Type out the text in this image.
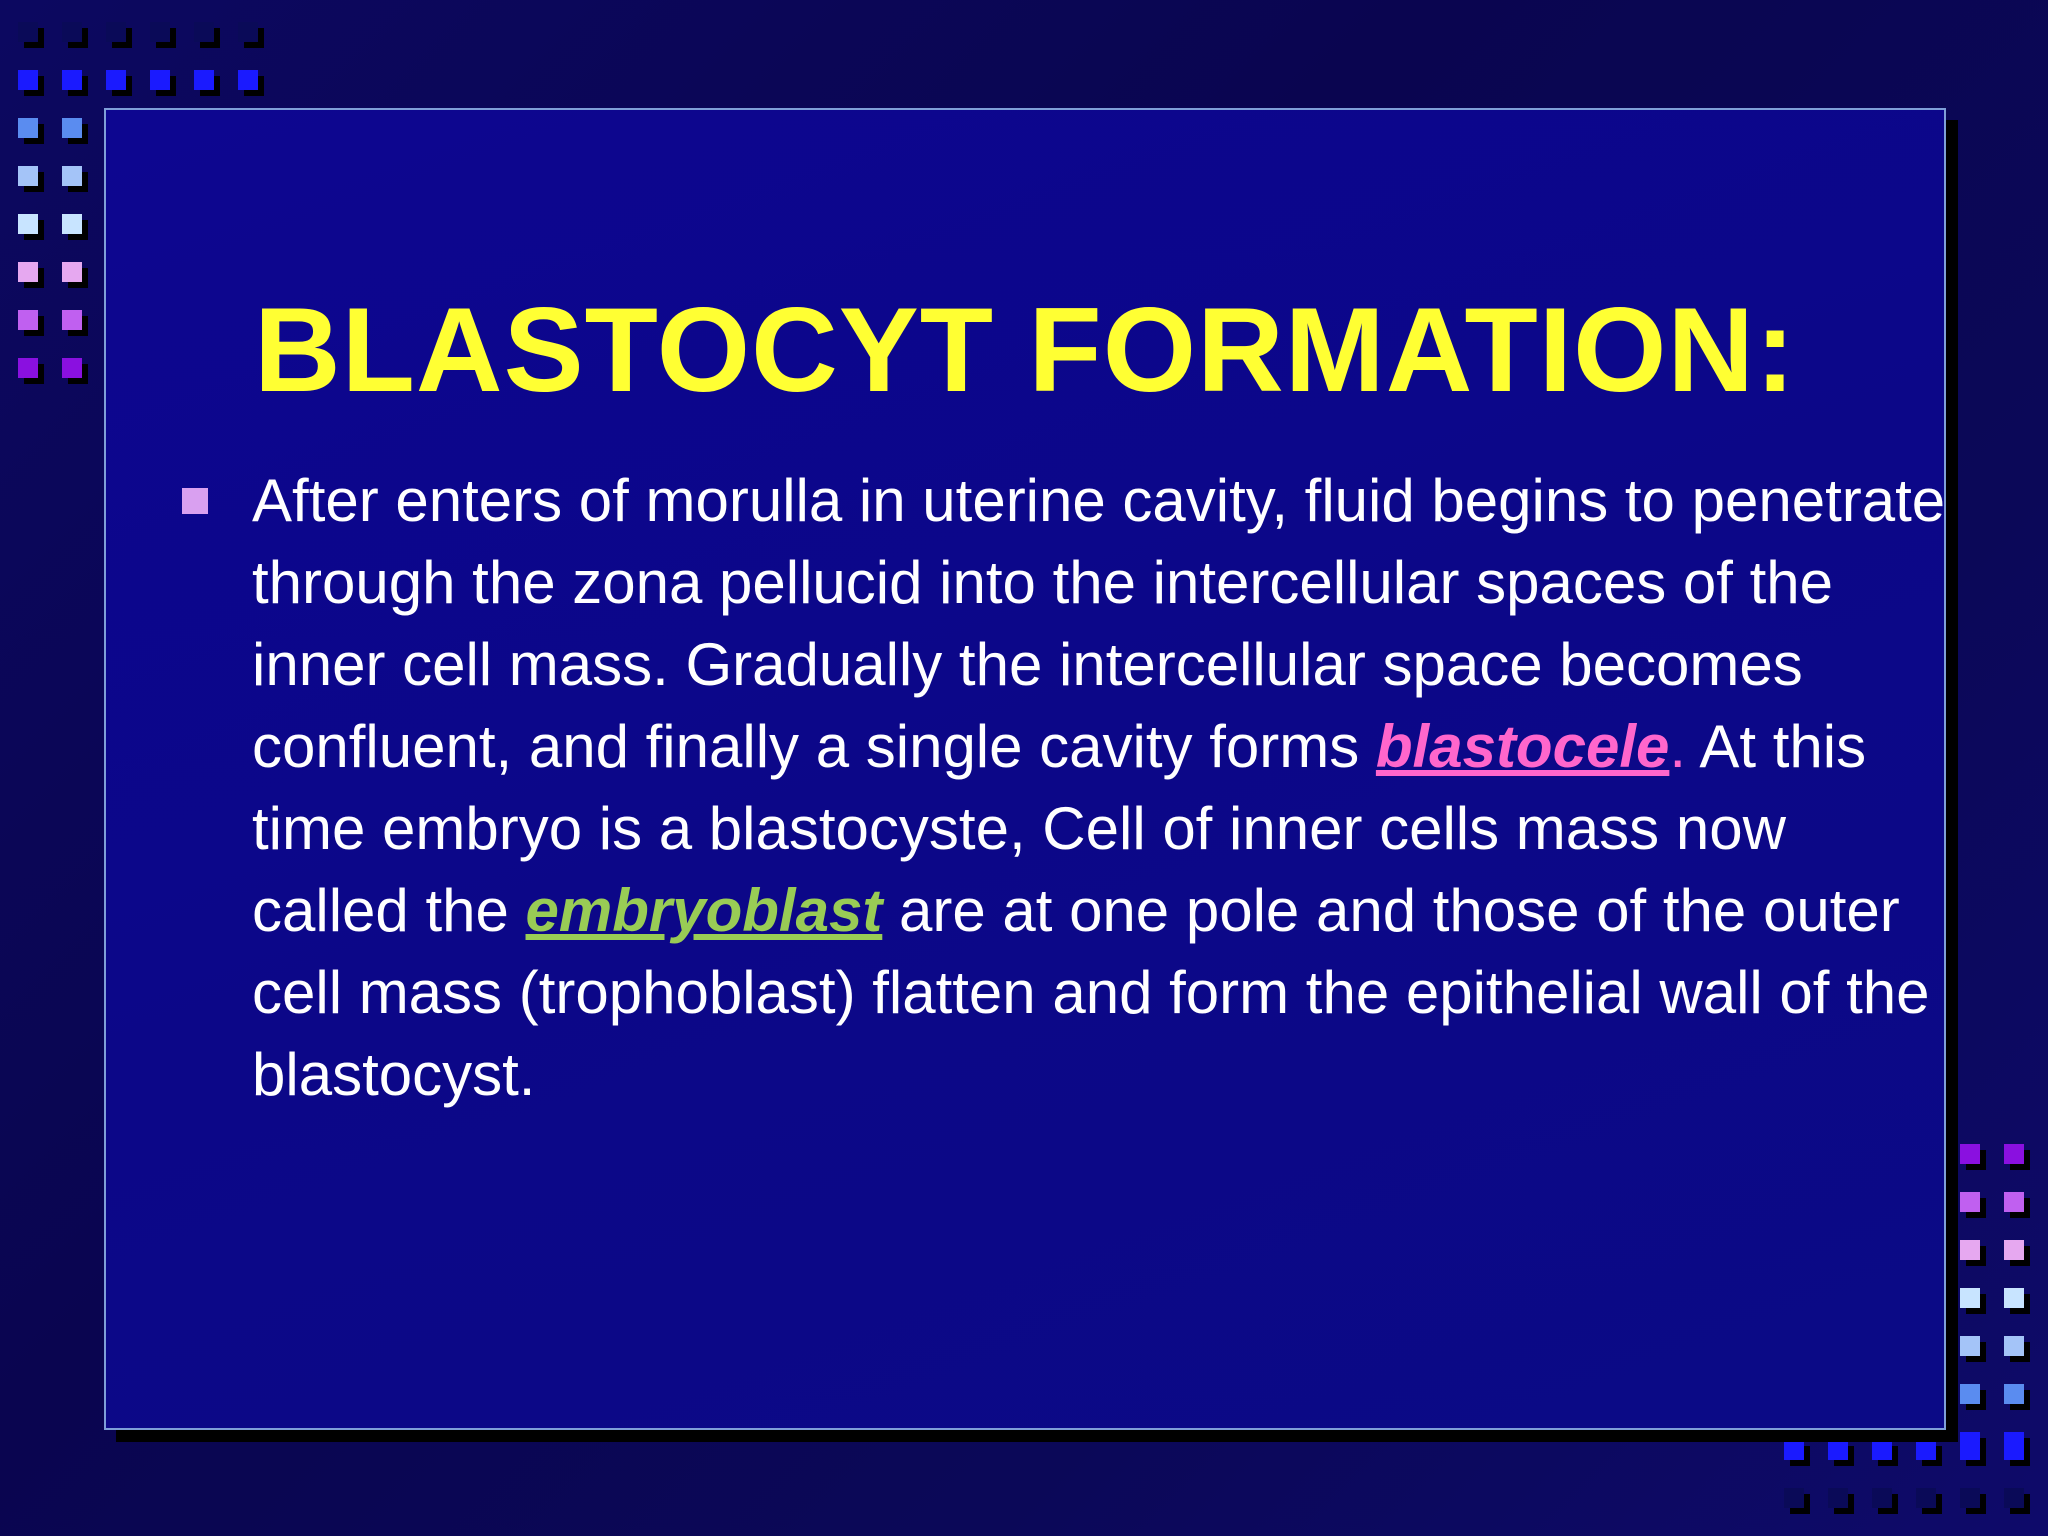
BLASTOCYT FORMATION:

After enters of morulla in uterine cavity, fluid begins to penetrate through the zona pellucid into the intercellular spaces of the inner cell mass. Gradually the intercellular space becomes confluent, and finally a single cavity forms blastocele. At this time embryo is a blastocyste, Cell of inner cells mass now called the embryoblast are at one pole and those of the outer cell mass (trophoblast) flatten and form the epithelial wall of the blastocyst.
